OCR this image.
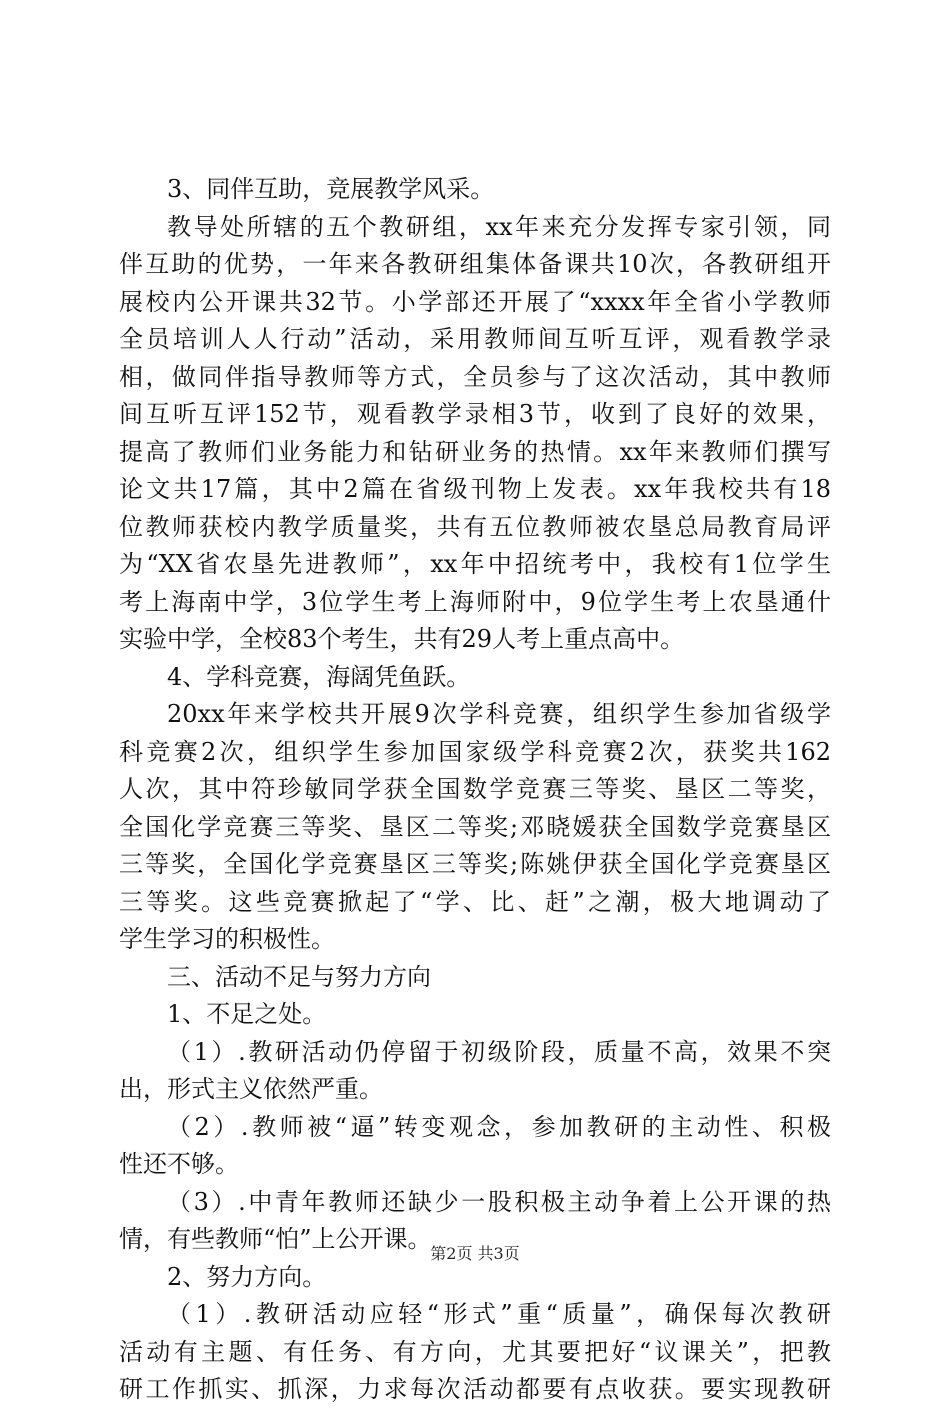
3、同伴互助，竞展教学风采。
教导处所辖的五个教研组，xx年来充分发挥专家引领，同
伴互助的优势，一年来各教研组集体备课共10次，各教研组开
展校内公开课共32节。小学部还开展了“xxxx年全省小学教师
全员培训人人行动”活动，采用教师间互听互评，观看教学录
相，做同伴指导教师等方式，全员参与了这次活动，其中教师
间互听互评152节，观看教学录相3节，收到了良好的效果，
提高了教师们业务能力和钻研业务的热情。xx年来教师们撰写
论文共17篇，其中2篇在省级刊物上发表。xx年我校共有18
位教师获校内教学质量奖，共有五位教师被农垦总局教育局评
为“XX省农垦先进教师”，xx年中招统考中，我校有1位学生
考上海南中学，3位学生考上海师附中，9位学生考上农垦通什
实验中学，全校83个考生，共有29人考上重点高中。
4、学科竞赛，海阔凭鱼跃。
20xx年来学校共开展9次学科竞赛，组织学生参加省级学
科竞赛2次，组织学生参加国家级学科竞赛2次，获奖共162
人次，其中符珍敏同学获全国数学竞赛三等奖、垦区二等奖，
全国化学竞赛三等奖、垦区二等奖;邓晓媛获全国数学竞赛垦区
三等奖，全国化学竞赛垦区三等奖;陈姚伊获全国化学竞赛垦区
三等奖。这些竞赛掀起了“学、比、赶”之潮，极大地调动了
学生学习的积极性。
三、活动不足与努力方向
1、不足之处。
（1）.教研活动仍停留于初级阶段，质量不高，效果不突
出，形式主义依然严重。
（2）.教师被“逼”转变观念，参加教研的主动性、积极
性还不够。
（3）.中青年教师还缺少一股积极主动争着上公开课的热
情，有些教师“怕”上公开课。
2、努力方向。
（1）.教研活动应轻“形式”重“质量”，确保每次教研
活动有主题、有任务、有方向，尤其要把好“议课关”，把教
研工作抓实、抓深，力求每次活动都要有点收获。要实现教研
第2页 共3页
